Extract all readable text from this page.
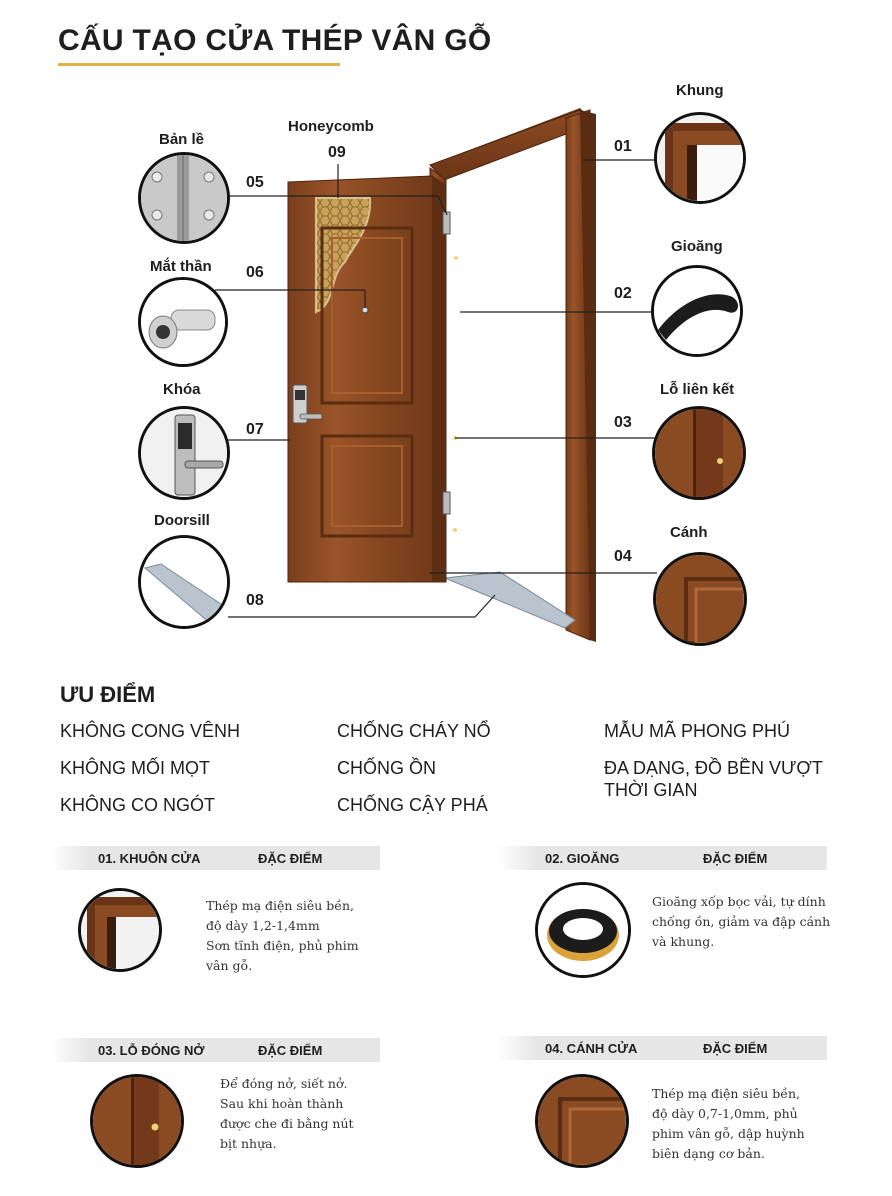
CẤU TẠO CỬA THÉP VÂN GỖ
Khung
01
Gioăng
02
Lỗ liên kết
03
Cánh
04
Bản lề
05
Mắt thần 06
Khóa
07
Doorsill
08
Honeycomb
09
ƯU ĐIỂM
KHÔNG CONG VÊNH
KHÔNG MỐI MỌT
KHÔNG CO NGÓT
CHỐNG CHÁY NỔ
CHỐNG ỒN
CHỐNG CẬY PHÁ
MẪU MÃ PHONG PHÚ
ĐA DẠNG, ĐỒ BỀN VƯỢT THỜI GIAN
01. KHUÔN CỬA	ĐẶC ĐIỂM
Thép mạ điện siêu bền,
độ dày 1,2-1,4mm
Sơn tĩnh điện, phủ phim
vân gỗ.
02. GIOĂNG	ĐẶC ĐIỂM
Gioăng xốp bọc vải, tự dính
chống ồn, giảm va đập cánh
và khung.
03. LỖ ĐÓNG NỞ	ĐẶC ĐIỂM
Để đóng nở, siết nở.
Sau khi hoàn thành
được che đi bằng nút
bịt nhựa.
04. CÁNH CỬA	ĐẶC ĐIỂM
Thép mạ điện siêu bền,
độ dày 0,7-1,0mm, phủ
phim vân gỗ, dập huỳnh
biên dạng cơ bản.
